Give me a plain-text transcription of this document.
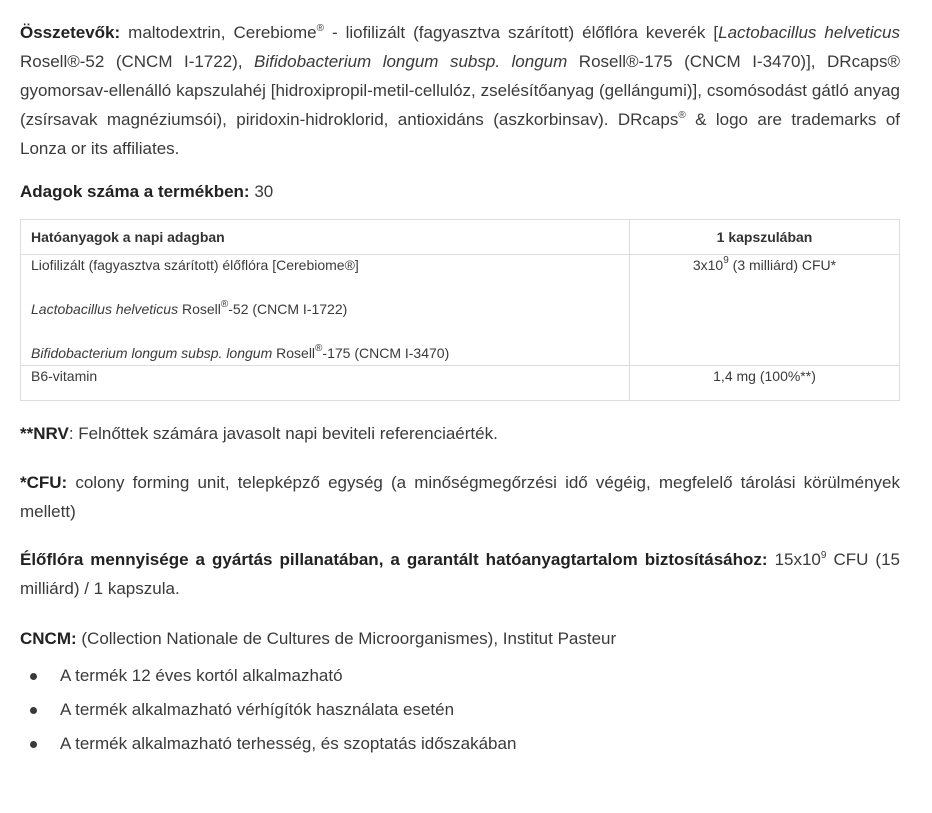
Összetevők: maltodextrin, Cerebiome® - liofilizált (fagyasztva szárított) élőflóra keverék [Lactobacillus helveticus Rosell®-52 (CNCM I-1722), Bifidobacterium longum subsp. longum Rosell®-175 (CNCM I-3470)], DRcaps® gyomorsav-ellenálló kapszulahéj [hidroxipropil-metil-cellulóz, zselésítőanyag (gellángumi)], csomósodást gátló anyag (zsírsavak magnéziumsói), piridoxin-hidroklorid, antioxidáns (aszkorbinsav). DRcaps® & logo are trademarks of Lonza or its affiliates.

Adagok száma a termékben: 30

Hatóanyagok a napi adagban	1 kapszulában

Liofilizált (fagyasztva szárított) élőflóra [Cerebiome®]
Lactobacillus helveticus Rosell®-52 (CNCM I-1722)
Bifidobacterium longum subsp. longum Rosell®-175 (CNCM I-3470)	$3x10^9$ (3 milliárd) CFU*
B6-vitamin	1,4 mg (100%**)

**NRV: Felnőttek számára javasolt napi beviteli referenciaérték.

*CFU: colony forming unit, telepképző egység (a minőségmegőrzési idő végéig, megfelelő tárolási körülmények mellett)

Élőflóra mennyisége a gyártás pillanatában, a garantált hatóanyagtartalom biztosításához: $15x10^9$ CFU (15 milliárd) / 1 kapszula.

CNCM: (Collection Nationale de Cultures de Microorganismes), Institut Pasteur

A termék 12 éves kortól alkalmazható
A termék alkalmazható vérhígítók használata esetén
A termék alkalmazható terhesség, és szoptatás időszakában
